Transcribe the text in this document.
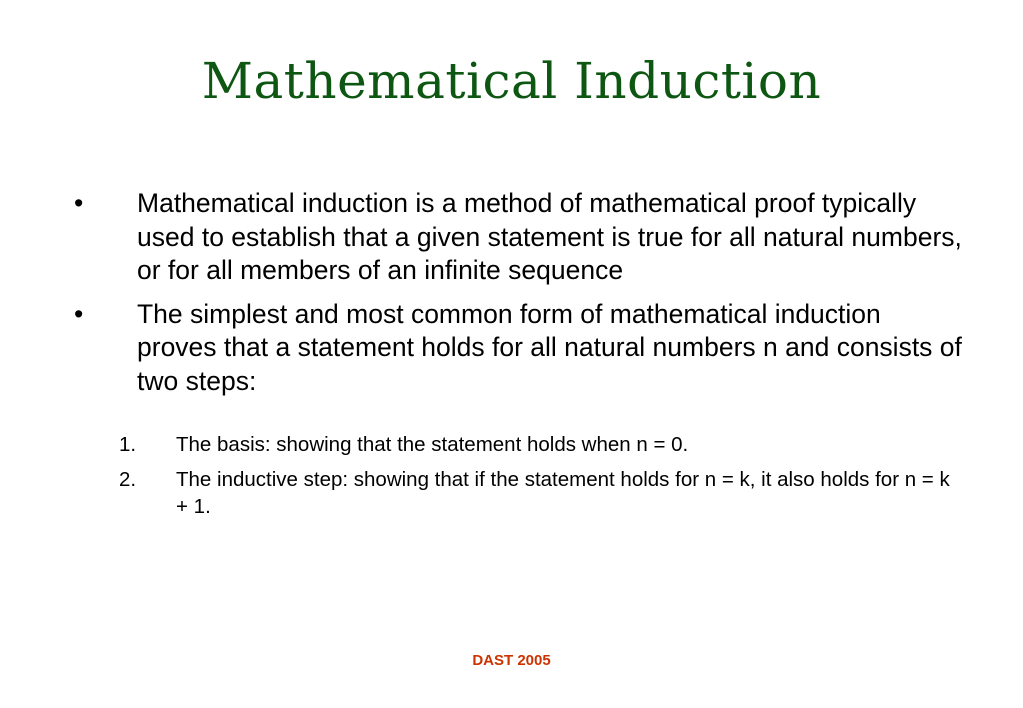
Mathematical Induction
•	Mathematical induction is a method of mathematical proof typically used to establish that a given statement is true for all natural numbers, or for all members of an infinite sequence
•	The simplest and most common form of mathematical induction proves that a statement holds for all natural numbers n and consists of two steps:
1.	The basis: showing that the statement holds when n = 0.
2.	The inductive step: showing that if the statement holds for n = k, it also holds for n = k + 1.
DAST 2005
